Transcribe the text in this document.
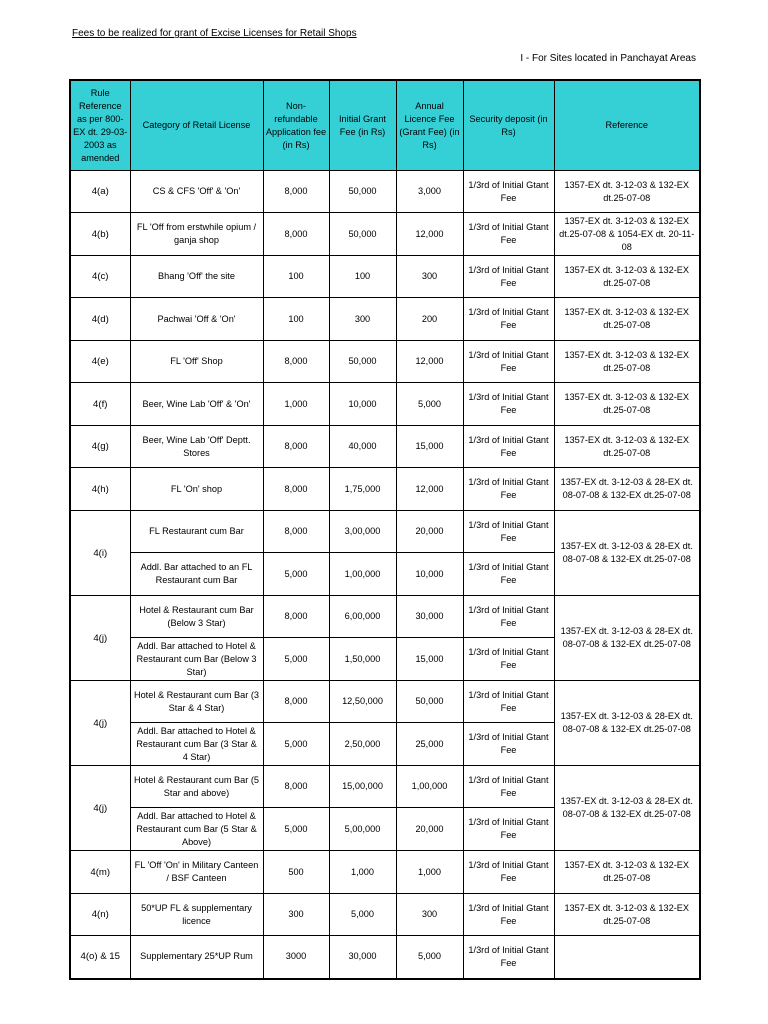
Fees to be realized for grant of Excise Licenses for Retail Shops
I - For Sites located in Panchayat Areas
Rule Reference as per 800-EX dt. 29-03-2003 as amended	Category of Retail License	Non-refundable Application fee (in Rs)	Initial Grant Fee (in Rs)	Annual Licence Fee (Grant Fee) (in Rs)	Security deposit (in Rs)	Reference
4(a)	CS & CFS 'Off' & 'On'	8,000	50,000	3,000	1/3rd of Initial Gtant Fee	1357-EX dt. 3-12-03 & 132-EX dt.25-07-08
4(b)	FL 'Off from erstwhile opium / ganja shop	8,000	50,000	12,000	1/3rd of Initial Gtant Fee	1357-EX dt. 3-12-03 & 132-EX dt.25-07-08 & 1054-EX dt. 20-11-08
4(c)	Bhang 'Off' the site	100	100	300	1/3rd of Initial Gtant Fee	1357-EX dt. 3-12-03 & 132-EX dt.25-07-08
4(d)	Pachwai 'Off & 'On'	100	300	200	1/3rd of Initial Gtant Fee	1357-EX dt. 3-12-03 & 132-EX dt.25-07-08
4(e)	FL 'Off' Shop	8,000	50,000	12,000	1/3rd of Initial Gtant Fee	1357-EX dt. 3-12-03 & 132-EX dt.25-07-08
4(f)	Beer, Wine Lab 'Off' & 'On'	1,000	10,000	5,000	1/3rd of Initial Gtant Fee	1357-EX dt. 3-12-03 & 132-EX dt.25-07-08
4(g)	Beer, Wine Lab 'Off' Deptt. Stores	8,000	40,000	15,000	1/3rd of Initial Gtant Fee	1357-EX dt. 3-12-03 & 132-EX dt.25-07-08
4(h)	FL 'On' shop	8,000	1,75,000	12,000	1/3rd of Initial Gtant Fee	1357-EX dt. 3-12-03 & 28-EX dt. 08-07-08 & 132-EX dt.25-07-08
4(i)	FL Restaurant cum Bar	8,000	3,00,000	20,000	1/3rd of Initial Gtant Fee	1357-EX dt. 3-12-03 & 28-EX dt. 08-07-08 & 132-EX dt.25-07-08
	Addl. Bar attached to an FL Restaurant cum Bar	5,000	1,00,000	10,000	1/3rd of Initial Gtant Fee	
4(j)	Hotel & Restaurant cum Bar (Below 3 Star)	8,000	6,00,000	30,000	1/3rd of Initial Gtant Fee	1357-EX dt. 3-12-03 & 28-EX dt. 08-07-08 & 132-EX dt.25-07-08
	Addl. Bar attached to Hotel & Restaurant cum Bar (Below 3 Star)	5,000	1,50,000	15,000	1/3rd of Initial Gtant Fee	
4(j)	Hotel & Restaurant cum Bar (3 Star & 4 Star)	8,000	12,50,000	50,000	1/3rd of Initial Gtant Fee	1357-EX dt. 3-12-03 & 28-EX dt. 08-07-08 & 132-EX dt.25-07-08
	Addl. Bar attached to Hotel & Restaurant cum Bar (3 Star & 4 Star)	5,000	2,50,000	25,000	1/3rd of Initial Gtant Fee	
4(j)	Hotel & Restaurant cum Bar (5 Star and above)	8,000	15,00,000	1,00,000	1/3rd of Initial Gtant Fee	1357-EX dt. 3-12-03 & 28-EX dt. 08-07-08 & 132-EX dt.25-07-08
	Addl. Bar attached to Hotel & Restaurant cum Bar (5 Star & Above)	5,000	5,00,000	20,000	1/3rd of Initial Gtant Fee	
4(m)	FL 'Off 'On' in Military Canteen / BSF Canteen	500	1,000	1,000	1/3rd of Initial Gtant Fee	1357-EX dt. 3-12-03 & 132-EX dt.25-07-08
4(n)	50*UP FL & supplementary licence	300	5,000	300	1/3rd of Initial Gtant Fee	1357-EX dt. 3-12-03 & 132-EX dt.25-07-08
4(o) & 15	Supplementary 25*UP Rum	3000	30,000	5,000	1/3rd of Initial Gtant Fee	
